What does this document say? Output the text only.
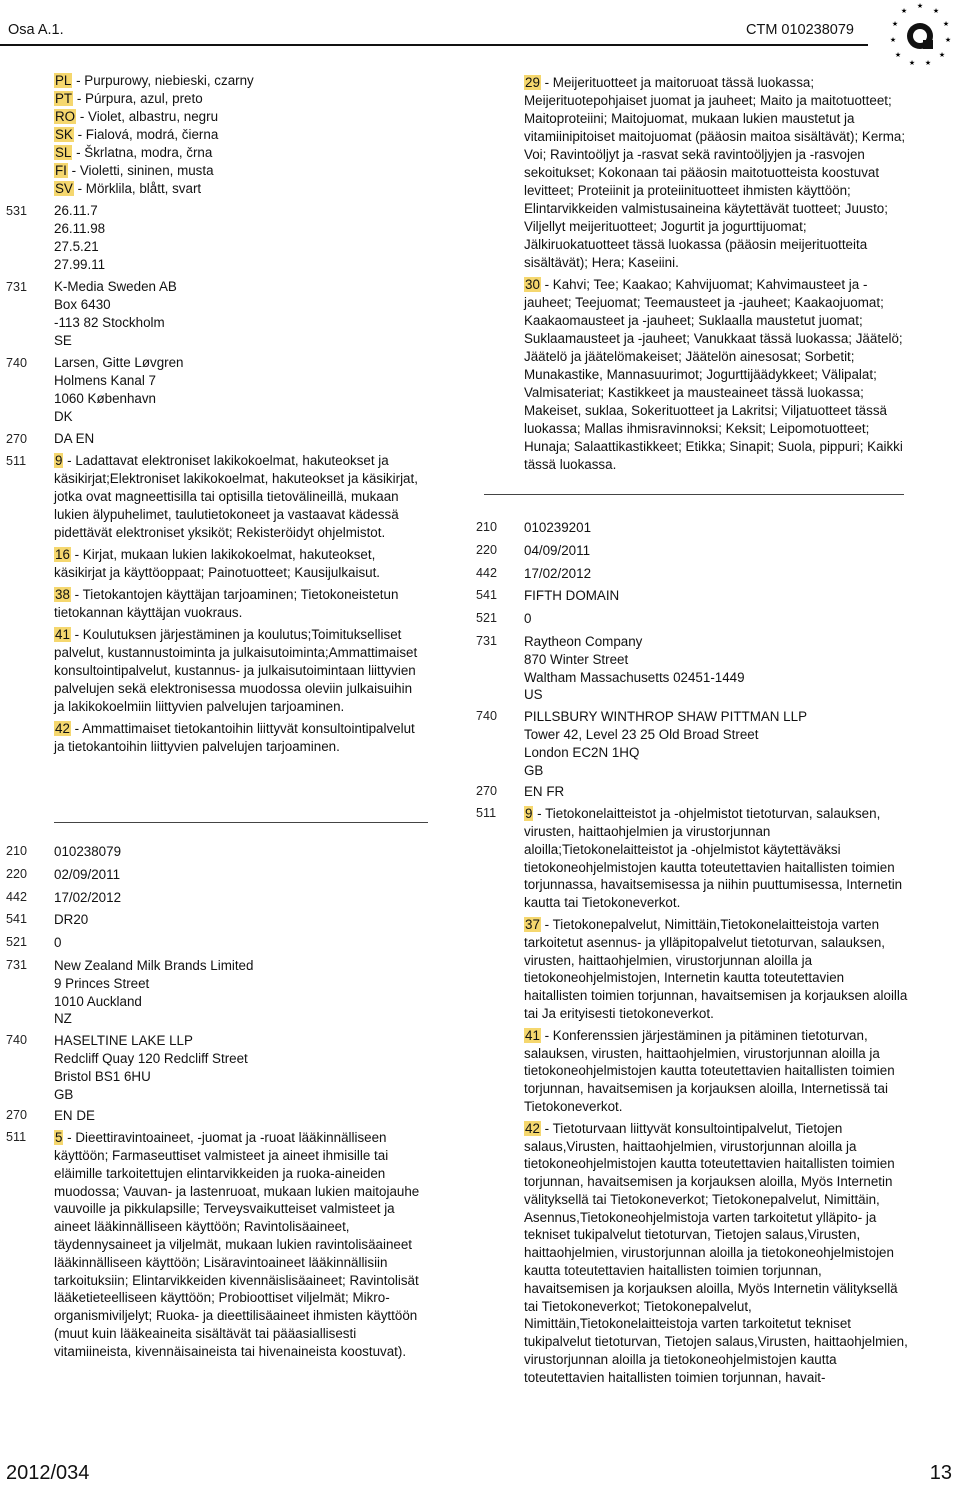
Osa A.1.	CTM 010238079
★
★
★
★
★
★
★
★
★
★
★
PL - Purpurowy, niebieski, czarny
PT - Púrpura, azul, preto
RO - Violet, albastru, negru
SK - Fialová, modrá, čierna
SL - Škrlatna, modra, črna
FI - Violetti, sininen, musta
SV - Mörklila, blått, svart
531	26.11.7
26.11.98
27.5.21
27.99.11
731	K-Media Sweden AB
Box 6430
-113 82 Stockholm
SE
740	Larsen, Gitte Løvgren
Holmens Kanal 7
1060 København
DK
270	DA EN
511	9 - Ladattavat elektroniset lakikokoelmat, hakuteokset ja käsikirjat;Elektroniset lakikokoelmat, hakuteokset ja käsikirjat, jotka ovat magneettisilla tai optisilla tietovälineillä, mukaan lukien älypuhelimet, taulutietokoneet ja vastaavat kädessä pidettävät elektroniset yksiköt; Rekisteröidyt ohjelmistot.

16 - Kirjat, mukaan lukien lakikokoelmat, hakuteokset, käsikirjat ja käyttöoppaat; Painotuotteet; Kausijulkaisut.

38 - Tietokantojen käyttäjan tarjoaminen; Tietokoneistetun tietokannan käyttäjan vuokraus.

41 - Koulutuksen järjestäminen ja koulutus;Toimitukselliset palvelut, kustannustoiminta ja julkaisutoiminta;Ammattimaiset konsultointipalvelut, kustannus- ja julkaisutoimintaan liittyvien palvelujen sekä elektronisessa muodossa oleviin julkaisuihin ja lakikokoelmiin liittyvien palvelujen tarjoaminen.

42 - Ammattimaiset tietokantoihin liittyvät konsultointipalvelut ja tietokantoihin liittyvien palvelujen tarjoaminen.

210	010238079
220	02/09/2011
442	17/02/2012
541	DR20
521	0
731	New Zealand Milk Brands Limited
9 Princes Street
1010 Auckland
NZ
740	HASELTINE LAKE LLP
Redcliff Quay 120 Redcliff Street
Bristol BS1 6HU
GB
270	EN DE
511	5 - Dieettiravintoaineet, -juomat ja -ruoat lääkinnälliseen käyttöön; Farmaseuttiset valmisteet ja aineet ihmisille tai eläimille tarkoitettujen elintarvikkeiden ja ruoka-aineiden muodossa; Vauvan- ja lastenruoat, mukaan lukien maitojauhe vauvoille ja pikkulapsille; Terveysvaikutteiset valmisteet ja aineet lääkinnälliseen käyttöön; Ravintolisäaineet, täydennysaineet ja viljelmät, mukaan lukien ravintolisäaineet lääkinnälliseen käyttöön; Lisäravintoaineet lääkinnällisiin tarkoituksiin; Elintarvikkeiden kivennäislisäaineet; Ravintolisät lääketieteelliseen käyttöön; Probioottiset viljelmät; Mikro-organismiviljelyt; Ruoka- ja dieettilisäaineet ihmisten käyttöön (muut kuin lääkeaineita sisältävät tai pääasiallisesti vitamiineista, kivennäisaineista tai hivenaineista koostuvat).

29 - Meijerituotteet ja maitoruoat tässä luokassa; Meijerituotepohjaiset juomat ja jauheet; Maito ja maitotuotteet; Maitoproteiini; Maitojuomat, mukaan lukien maustetut ja vitamiinipitoiset maitojuomat (pääosin maitoa sisältävät); Kerma; Voi; Ravintoöljyt ja -rasvat sekä ravintoöljyjen ja -rasvojen sekoitukset; Kokonaan tai pääosin maitotuotteista koostuvat levitteet; Proteiinit ja proteiinituotteet ihmisten käyttöön; Elintarvikkeiden valmistusaineina käytettävät tuotteet; Juusto; Viljellyt meijerituotteet; Jogurtit ja jogurttijuomat; Jälkiruokatuotteet tässä luokassa (pääosin meijerituotteita sisältävät); Hera; Kaseiini.

30 - Kahvi; Tee; Kaakao; Kahvijuomat; Kahvimausteet ja -jauheet; Teejuomat; Teemausteet ja -jauheet; Kaakaojuomat; Kaakaomausteet ja -jauheet; Suklaalla maustetut juomat; Suklaamausteet ja -jauheet; Vanukkaat tässä luokassa; Jäätelö; Jäätelö ja jäätelömakeiset; Jäätelön ainesosat; Sorbetit; Munakastike, Mannasuurimot; Jogurttijäädykkeet; Välipalat; Valmisateriat; Kastikkeet ja mausteaineet tässä luokassa; Makeiset, suklaa, Sokerituotteet ja Lakritsi; Viljatuotteet tässä luokassa; Mallas ihmisravinnoksi; Keksit; Leipomotuotteet; Hunaja; Salaattikastikkeet; Etikka; Sinapit; Suola, pippuri; Kaikki tässä luokassa.

210	010239201
220	04/09/2011
442	17/02/2012
541	FIFTH DOMAIN
521	0
731	Raytheon Company
870 Winter Street
Waltham Massachusetts 02451-1449
US
740	PILLSBURY WINTHROP SHAW PITTMAN LLP
Tower 42, Level 23 25 Old Broad Street
London EC2N 1HQ
GB
270	EN FR
511	9 - Tietokonelaitteistot ja -ohjelmistot tietoturvan, salauksen, virusten, haittaohjelmien ja virustorjunnan aloilla;Tietokonelaitteistot ja -ohjelmistot käytettäväksi tietokoneohjelmistojen kautta toteutettavien haitallisten toimien torjunnassa, havaitsemisessa ja niihin puuttumisessa, Internetin kautta tai Tietokoneverkot.

37 - Tietokonepalvelut, Nimittäin,Tietokonelaitteistoja varten tarkoitetut asennus- ja ylläpitopalvelut tietoturvan, salauksen, virusten, haittaohjelmien, virustorjunnan aloilla ja tietokoneohjelmistojen, Internetin kautta toteutettavien haitallisten toimien torjunnan, havaitsemisen ja korjauksen aloilla tai Ja erityisesti tietokoneverkot.

41 - Konferenssien järjestäminen ja pitäminen tietoturvan, salauksen, virusten, haittaohjelmien, virustorjunnan aloilla ja tietokoneohjelmistojen kautta toteutettavien haitallisten toimien torjunnan, havaitsemisen ja korjauksen aloilla, Internetissä tai Tietokoneverkot.

42 - Tietoturvaan liittyvät konsultointipalvelut, Tietojen salaus,Virusten, haittaohjelmien, virustorjunnan aloilla ja tietokoneohjelmistojen kautta toteutettavien haitallisten toimien torjunnan, havaitsemisen ja korjauksen aloilla, Myös Internetin välityksellä tai Tietokoneverkot; Tietokonepalvelut, Nimittäin, Asennus,Tietokoneohjelmistoja varten tarkoitetut ylläpito- ja tekniset tukipalvelut tietoturvan, Tietojen salaus,Virusten, haittaohjelmien, virustorjunnan aloilla ja tietokoneohjelmistojen kautta toteutettavien haitallisten toimien torjunnan, havaitsemisen ja korjauksen aloilla, Myös Internetin välityksellä tai Tietokoneverkot; Tietokonepalvelut, Nimittäin,Tietokonelaitteistoja varten tarkoitetut tekniset tukipalvelut tietoturvan, Tietojen salaus,Virusten, haittaohjelmien, virustorjunnan aloilla ja tietokoneohjelmistojen kautta toteutettavien haitallisten toimien torjunnan, havait-

2012/034	13
